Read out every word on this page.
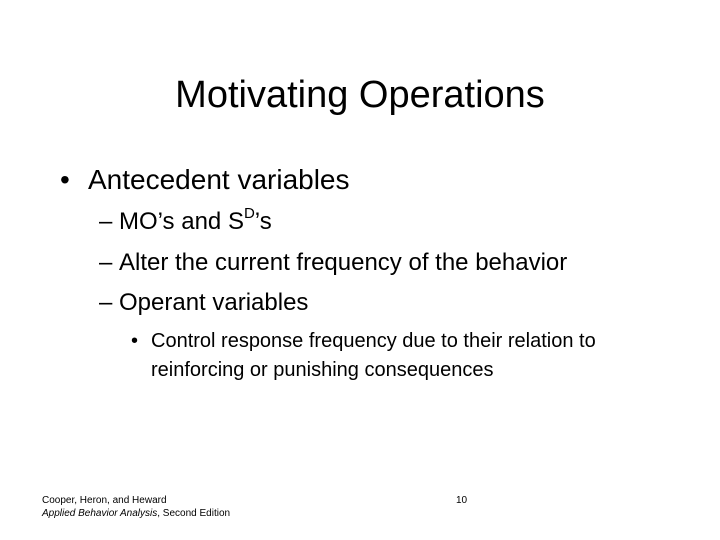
Motivating Operations
• Antecedent variables
– MO’s and $S^D’s$
– Alter the current frequency of the behavior
– Operant variables
• Control response frequency due to their relation to reinforcing or punishing consequences
Cooper, Heron, and Heward
Applied Behavior Analysis, Second Edition
10
